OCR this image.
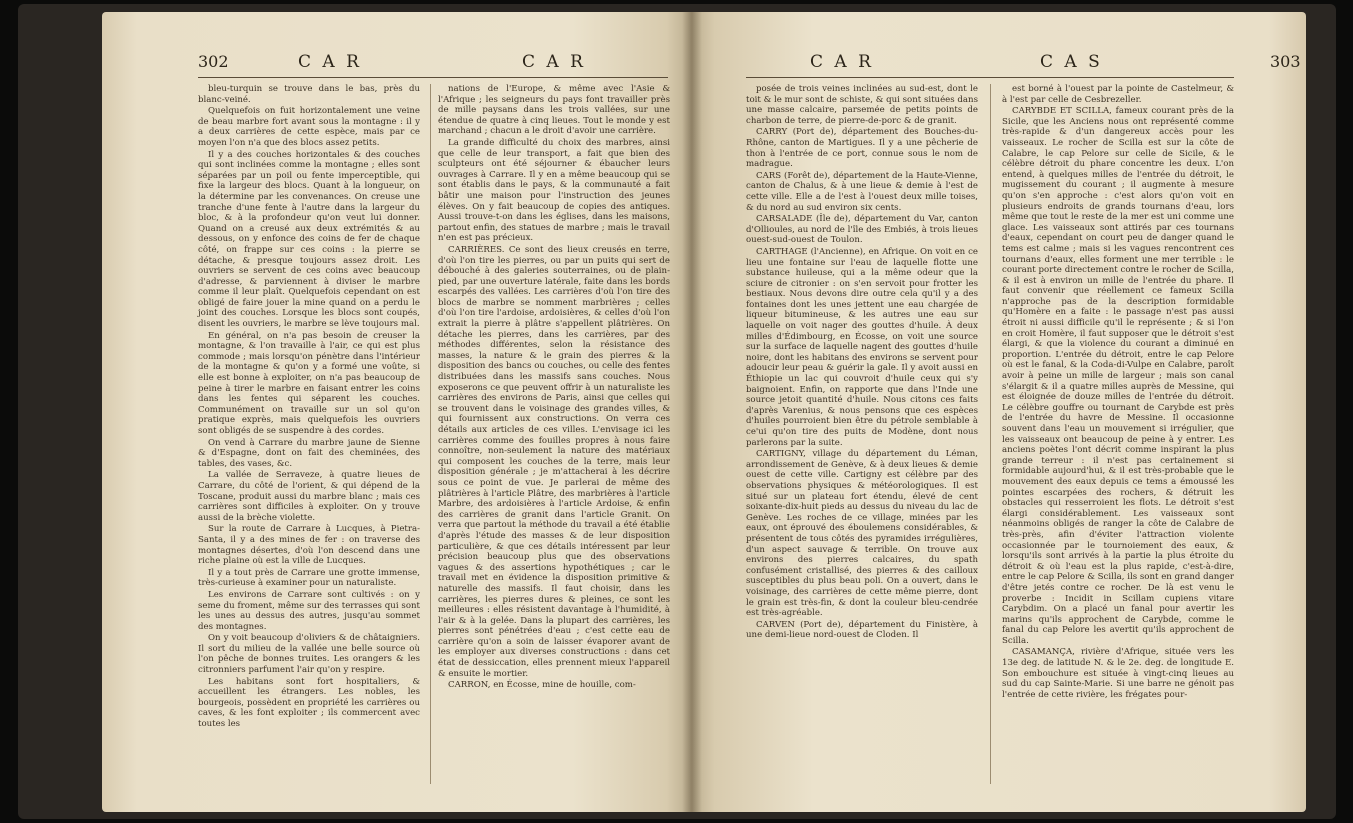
302	C A R	C A R

bleu-turquin se trouve dans le bas, près du blanc-veiné.

Quelquefois on fuit horizontalement une veine de beau marbre fort avant sous la montagne : il y a deux carrières de cette espèce, mais par ce moyen l'on n'a que des blocs assez petits.

Il y a des couches horizontales & des couches qui sont inclinées comme la montagne ; elles sont séparées par un poil ou fente imperceptible, qui fixe la largeur des blocs. Quant à la longueur, on la détermine par les convenances. On creuse une tranche d'une fente à l'autre dans la largeur du bloc, & à la profondeur qu'on veut lui donner. Quand on a creusé aux deux extrémités & au dessous, on y enfonce des coins de fer de chaque côté, on frappe sur ces coins : la pierre se détache, & presque toujours assez droit. Les ouvriers se servent de ces coins avec beaucoup d'adresse, & parviennent à diviser le marbre comme il leur plaît. Quelquefois cependant on est obligé de faire jouer la mine quand on a perdu le joint des couches. Lorsque les blocs sont coupés, disent les ouvriers, le marbre se lève toujours mal.

En général, on n'a pas besoin de creuser la montagne, & l'on travaille à l'air, ce qui est plus commode ; mais lorsqu'on pénètre dans l'intérieur de la montagne & qu'on y a formé une voûte, si elle est bonne à exploiter, on n'a pas beaucoup de peine à tirer le marbre en faisant entrer les coins dans les fentes qui séparent les couches. Communément on travaille sur un sol qu'on pratique exprès, mais quelquefois les ouvriers sont obligés de se suspendre à des cordes.

On vend à Carrare du marbre jaune de Sienne & d'Espagne, dont on fait des cheminées, des tables, des vases, &c.

La vallée de Serraveze, à quatre lieues de Carrare, du côté de l'orient, & qui dépend de la Toscane, produit aussi du marbre blanc ; mais ces carrières sont difficiles à exploiter. On y trouve aussi de la brèche violette.

Sur la route de Carrare à Lucques, à Pietra-Santa, il y a des mines de fer : on traverse des montagnes désertes, d'où l'on descend dans une riche plaine où est la ville de Lucques.

Il y a tout près de Carrare une grotte immense, très-curieuse à examiner pour un naturaliste.

Les environs de Carrare sont cultivés : on y seme du froment, même sur des terrasses qui sont les unes au dessus des autres, jusqu'au sommet des montagnes.

On y voit beaucoup d'oliviers & de châtaigniers. Il sort du milieu de la vallée une belle source où l'on pêche de bonnes truites. Les orangers & les citronniers parfument l'air qu'on y respire.

Les habitans sont fort hospitaliers, & accueillent les étrangers. Les nobles, les bourgeois, possèdent en propriété les carrières ou caves, & les font exploiter ; ils commercent avec toutes les

nations de l'Europe, & même avec l'Asie & l'Afrique ; les seigneurs du pays font travailler près de mille paysans dans les trois vallées, sur une étendue de quatre à cinq lieues. Tout le monde y est marchand ; chacun a le droit d'avoir une carrière.

La grande difficulté du choix des marbres, ainsi que celle de leur transport, a fait que bien des sculpteurs ont été séjourner & ébaucher leurs ouvrages à Carrare. Il y en a même beaucoup qui se sont établis dans le pays, & la communauté a fait bâtir une maison pour l'instruction des jeunes élèves. On y fait beaucoup de copies des antiques. Aussi trouve-t-on dans les églises, dans les maisons, partout enfin, des statues de marbre ; mais le travail n'en est pas précieux.

CARRIÈRES. Ce sont des lieux creusés en terre, d'où l'on tire les pierres, ou par un puits qui sert de débouché à des galeries souterraines, ou de plain-pied, par une ouverture latérale, faite dans les bords escarpés des vallées. Les carrières d'où l'on tire des blocs de marbre se nomment marbrières ; celles d'où l'on tire l'ardoise, ardoisières, & celles d'où l'on extrait la pierre à plâtre s'appellent plâtrières. On détache les pierres, dans les carrières, par des méthodes différentes, selon la résistance des masses, la nature & le grain des pierres & la disposition des bancs ou couches, ou celle des fentes distribuées dans les massifs sans couches. Nous exposerons ce que peuvent offrir à un naturaliste les carrières des environs de Paris, ainsi que celles qui se trouvent dans le voisinage des grandes villes, & qui fournissent aux constructions. On verra ces détails aux articles de ces villes. L'envisage ici les carrières comme des fouilles propres à nous faire connoître, non-seulement la nature des matériaux qui composent les couches de la terre, mais leur disposition générale ; je m'attacherai à les décrire sous ce point de vue. Je parlerai de même des plâtrières à l'article Plâtre, des marbrières à l'article Marbre, des ardoisières à l'article Ardoise, & enfin des carrières de granit dans l'article Granit. On verra que partout la méthode du travail a été établie d'après l'étude des masses & de leur disposition particulière, & que ces détails intéressent par leur précision beaucoup plus que des observations vagues & des assertions hypothétiques ; car le travail met en évidence la disposition primitive & naturelle des massifs. Il faut choisir, dans les carrières, les pierres dures & pleines, ce sont les meilleures : elles résistent davantage à l'humidité, à l'air & à la gelée. Dans la plupart des carrières, les pierres sont pénétrées d'eau ; c'est cette eau de carrière qu'on a soin de laisser évaporer avant de les employer aux diverses constructions : dans cet état de dessiccation, elles prennent mieux l'appareil & ensuite le mortier.

CARRON, en Écosse, mine de houille, com-

C A R	C A S	303

posée de trois veines inclinées au sud-est, dont le toit & le mur sont de schiste, & qui sont situées dans une masse calcaire, parsemée de petits points de charbon de terre, de pierre-de-porc & de granit.

CARRY (Port de), département des Bouches-du-Rhône, canton de Martigues. Il y a une pêcherie de thon à l'entrée de ce port, connue sous le nom de madrague.

CARS (Forêt de), département de la Haute-Vienne, canton de Chalus, & à une lieue & demie à l'est de cette ville. Elle a de l'est à l'ouest deux mille toises, & du nord au sud environ six cents.

CARSALADE (Île de), département du Var, canton d'Ollioules, au nord de l'île des Embiés, à trois lieues ouest-sud-ouest de Toulon.

CARTHAGE (l'Ancienne), en Afrique. On voit en ce lieu une fontaine sur l'eau de laquelle flotte une substance huileuse, qui a la même odeur que la sciure de citronier : on s'en servoit pour frotter les bestiaux. Nous devons dire outre cela qu'il y a des fontaines dont les unes jettent une eau chargée de liqueur bitumineuse, & les autres une eau sur laquelle on voit nager des gouttes d'huile. À deux milles d'Édimbourg, en Écosse, on voit une source sur la surface de laquelle nagent des gouttes d'huile noire, dont les habitans des environs se servent pour adoucir leur peau & guérir la gale. Il y avoit aussi en Éthiopie un lac qui couvroit d'huile ceux qui s'y baignoient. Enfin, on rapporte que dans l'Inde une source jetoit quantité d'huile. Nous citons ces faits d'après Varenius, & nous pensons que ces espèces d'huiles pourroient bien être du pétrole semblable à ce'ui qu'on tire des puits de Modène, dont nous parlerons par la suite.

CARTIGNY, village du département du Léman, arrondissement de Genève, & à deux lieues & demie ouest de cette ville. Cartigny est célèbre par des observations physiques & météorologiques. Il est situé sur un plateau fort étendu, élevé de cent soixante-dix-huit pieds au dessus du niveau du lac de Genève. Les roches de ce village, minées par les eaux, ont éprouvé des éboulemens considérables, & présentent de tous côtés des pyramides irrégulières, d'un aspect sauvage & terrible. On trouve aux environs des pierres calcaires, du spath confusément cristallisé, des pierres & des cailloux susceptibles du plus beau poli. On a ouvert, dans le voisinage, des carrières de cette même pierre, dont le grain est très-fin, & dont la couleur bleu-cendrée est très-agréable.

CARVEN (Port de), département du Finistère, à une demi-lieue nord-ouest de Cloden. Il

est borné à l'ouest par la pointe de Castelmeur, & à l'est par celle de Cesbrezeller.

CARYBDE ET SCILLA, fameux courant près de la Sicile, que les Anciens nous ont représenté comme très-rapide & d'un dangereux accès pour les vaisseaux. Le rocher de Scilla est sur la côte de Calabre, le cap Pelore sur celle de Sicile, & le célèbre détroit du phare concentre les deux. L'on entend, à quelques milles de l'entrée du détroit, le mugissement du courant ; il augmente à mesure qu'on s'en approche : c'est alors qu'on voit en plusieurs endroits de grands tournans d'eau, lors même que tout le reste de la mer est uni comme une glace. Les vaisseaux sont attirés par ces tournans d'eaux, cependant on court peu de danger quand le tems est calme ; mais si les vagues rencontrent ces tournans d'eaux, elles forment une mer terrible : le courant porte directement contre le rocher de Scilla, & il est à environ un mille de l'entrée du phare. Il faut convenir que réellement ce fameux Scilla n'approche pas de la description formidable qu'Homère en a faite : le passage n'est pas aussi étroit ni aussi difficile qu'il le représente ; & si l'on en croit Homère, il faut supposer que le détroit s'est élargi, & que la violence du courant a diminué en proportion. L'entrée du détroit, entre le cap Pelore où est le fanal, & la Coda-di-Vulpe en Calabre, paroît avoir à peine un mille de largeur ; mais son canal s'élargit & il a quatre milles auprès de Messine, qui est éloignée de douze milles de l'entrée du détroit. Le célèbre gouffre ou tournant de Carybde est près de l'entrée du havre de Messine. Il occasionne souvent dans l'eau un mouvement si irrégulier, que les vaisseaux ont beaucoup de peine à y entrer. Les anciens poètes l'ont décrit comme inspirant la plus grande terreur : il n'est pas certainement si formidable aujourd'hui, & il est très-probable que le mouvement des eaux depuis ce tems a émoussé les pointes escarpées des rochers, & détruit les obstacles qui resserroient les flots. Le détroit s'est élargi considérablement. Les vaisseaux sont néanmoins obligés de ranger la côte de Calabre de très-près, afin d'éviter l'attraction violente occasionnée par le tournoiement des eaux, & lorsqu'ils sont arrivés à la partie la plus étroite du détroit & où l'eau est la plus rapide, c'est-à-dire, entre le cap Pelore & Scilla, ils sont en grand danger d'être jetés contre ce rocher. De là est venu le proverbe : Incidit in Scillam cupiens vitare Carybdim. On a placé un fanal pour avertir les marins qu'ils approchent de Carybde, comme le fanal du cap Pelore les avertit qu'ils approchent de Scilla.

CASAMANÇA, rivière d'Afrique, située vers les 13e deg. de latitude N. & le 2e. deg. de longitude E. Son embouchure est située à vingt-cinq lieues au sud du cap Sainte-Marie. Si une barre ne génoit pas l'entrée de cette rivière, les frégates pour-
